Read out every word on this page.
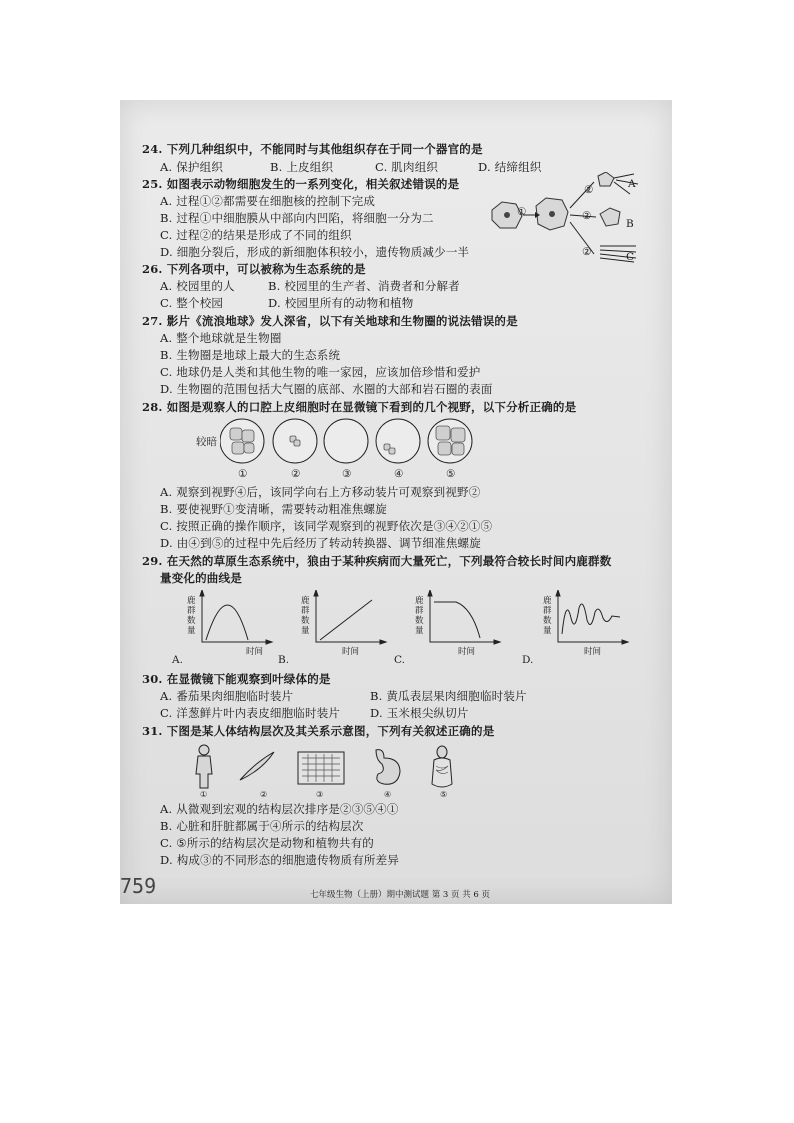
24. 下列几种组织中，不能同时与其他组织存在于同一个器官的是
A. 保护组织	B. 上皮组织	C. 肌肉组织	D. 结缔组织
25. 如图表示动物细胞发生的一系列变化，相关叙述错误的是
A. 过程①②都需要在细胞核的控制下完成
B. 过程①中细胞膜从中部向内凹陷，将细胞一分为二
C. 过程②的结果是形成了不同的组织
D. 细胞分裂后，形成的新细胞体积较小，遗传物质减少一半
①
②
②
②
A
B
C
26. 下列各项中，可以被称为生态系统的是
A. 校园里的人	B. 校园里的生产者、消费者和分解者
C. 整个校园	D. 校园里所有的动物和植物
27. 影片《流浪地球》发人深省，以下有关地球和生物圈的说法错误的是
A. 整个地球就是生物圈
B. 生物圈是地球上最大的生态系统
C. 地球仍是人类和其他生物的唯一家园，应该加倍珍惜和爱护
D. 生物圈的范围包括大气圈的底部、水圈的大部和岩石圈的表面
28. 如图是观察人的口腔上皮细胞时在显微镜下看到的几个视野，以下分析正确的是
较暗
①	②	③	④	⑤
A. 观察到视野④后，该同学向右上方移动装片可观察到视野②
B. 要使视野①变清晰，需要转动粗准焦螺旋
C. 按照正确的操作顺序，该同学观察到的视野依次是③④②①⑤
D. 由④到⑤的过程中先后经历了转动转换器、调节细准焦螺旋
29. 在天然的草原生态系统中，狼由于某种疾病而大量死亡，下列最符合较长时间内鹿群数
量变化的曲线是
鹿群数量
鹿群数量
鹿群数量
鹿群数量
时间	时间	时间	时间
A.	B.	C.	D.
30. 在显微镜下能观察到叶绿体的是
A. 番茄果肉细胞临时装片	B. 黄瓜表层果肉细胞临时装片
C. 洋葱鲜片叶内表皮细胞临时装片	D. 玉米根尖纵切片
31. 下图是某人体结构层次及其关系示意图，下列有关叙述正确的是
①	②	③	④	⑤
A. 从微观到宏观的结构层次排序是②③⑤④①
B. 心脏和肝脏都属于④所示的结构层次
C. ⑤所示的结构层次是动物和植物共有的
D. 构成③的不同形态的细胞遗传物质有所差异
七年级生物（上册）期中测试题 第 3 页 共 6 页
759
